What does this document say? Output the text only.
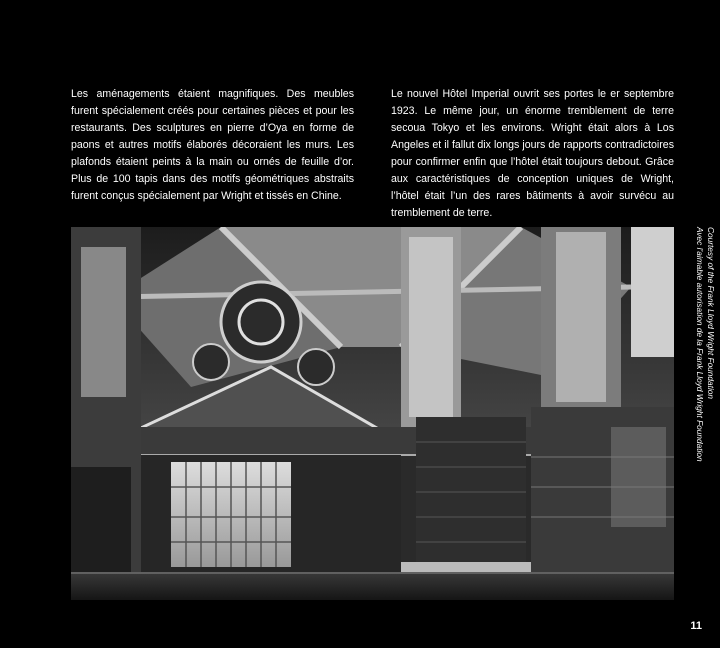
Les aménagements étaient magnifiques. Des meubles furent spécialement créés pour certaines pièces et pour les restaurants. Des sculptures en pierre d’Oya en forme de paons et autres motifs élaborés décoraient les murs. Les plafonds étaient peints à la main ou ornés de feuille d’or. Plus de 100 tapis dans des motifs géométriques abstraits furent conçus spécialement par Wright et tissés en Chine.
Le nouvel Hôtel Imperial ouvrit ses portes le er septembre 1923. Le même jour, un énorme tremblement de terre secoua Tokyo et les environs. Wright était alors à Los Angeles et il fallut dix longs jours de rapports contradictoires pour confirmer enfin que l’hôtel était toujours debout. Grâce aux caractéristiques de conception uniques de Wright, l’hôtel était l’un des rares bâtiments à avoir survécu au tremblement de terre.
Courtesy of the Frank Lloyd Wright Foundation
Avec l’aimable autorisation de la Frank Lloyd Wright Foundation
11
